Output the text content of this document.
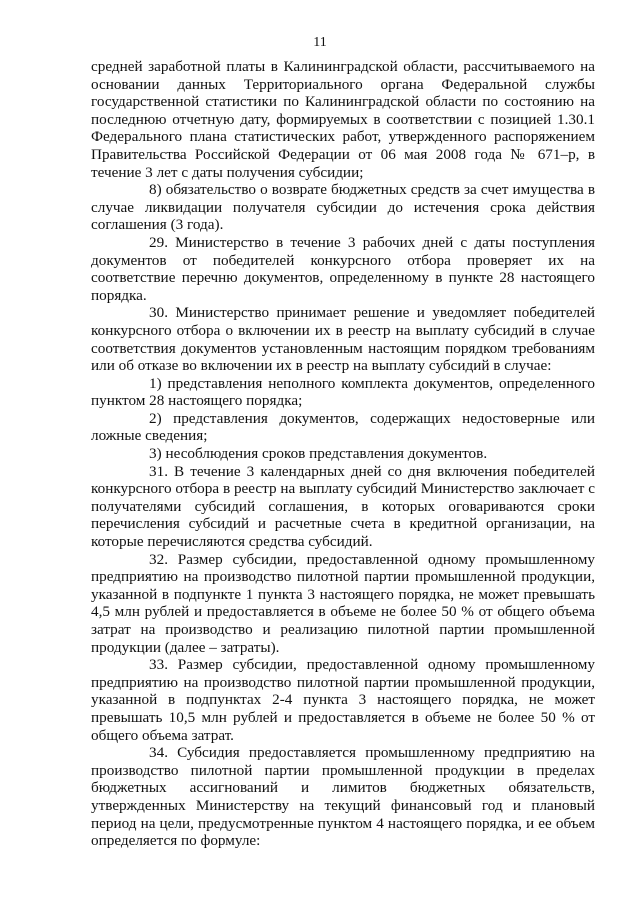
11

средней заработной платы в Калининградской области, рассчитываемого на основании данных Территориального органа Федеральной службы государственной статистики по Калининградской области по состоянию на последнюю отчетную дату, формируемых в соответствии с позицией 1.30.1 Федерального плана статистических работ, утвержденного распоряжением Правительства Российской Федерации от 06 мая 2008 года № 671–р, в течение 3 лет с даты получения субсидии;

8) обязательство о возврате бюджетных средств за счет имущества в случае ликвидации получателя субсидии до истечения срока действия соглашения (3 года).

29. Министерство в течение 3 рабочих дней с даты поступления документов от победителей конкурсного отбора проверяет их на соответствие перечню документов, определенному в пункте 28 настоящего порядка.

30. Министерство принимает решение и уведомляет победителей конкурсного отбора о включении их в реестр на выплату субсидий в случае соответствия документов установленным настоящим порядком требованиям или об отказе во включении их в реестр на выплату субсидий в случае:

1) представления неполного комплекта документов, определенного пунктом 28 настоящего порядка;

2) представления документов, содержащих недостоверные или ложные сведения;

3) несоблюдения сроков представления документов.

31. В течение 3 календарных дней со дня включения победителей конкурсного отбора в реестр на выплату субсидий Министерство заключает с получателями субсидий соглашения, в которых оговариваются сроки перечисления субсидий и расчетные счета в кредитной организации, на которые перечисляются средства субсидий.

32. Размер субсидии, предоставленной одному промышленному предприятию на производство пилотной партии промышленной продукции, указанной в подпункте 1 пункта 3 настоящего порядка, не может превышать 4,5 млн рублей и предоставляется в объеме не более 50 % от общего объема затрат на производство и реализацию пилотной партии промышленной продукции (далее – затраты).

33. Размер субсидии, предоставленной одному промышленному предприятию на производство пилотной партии промышленной продукции, указанной в подпунктах 2-4 пункта 3 настоящего порядка, не может превышать 10,5 млн рублей и предоставляется в объеме не более 50 % от общего объема затрат.

34. Субсидия предоставляется промышленному предприятию на производство пилотной партии промышленной продукции в пределах бюджетных ассигнований и лимитов бюджетных обязательств, утвержденных Министерству на текущий финансовый год и плановый период на цели, предусмотренные пунктом 4 настоящего порядка, и ее объем определяется по формуле:
